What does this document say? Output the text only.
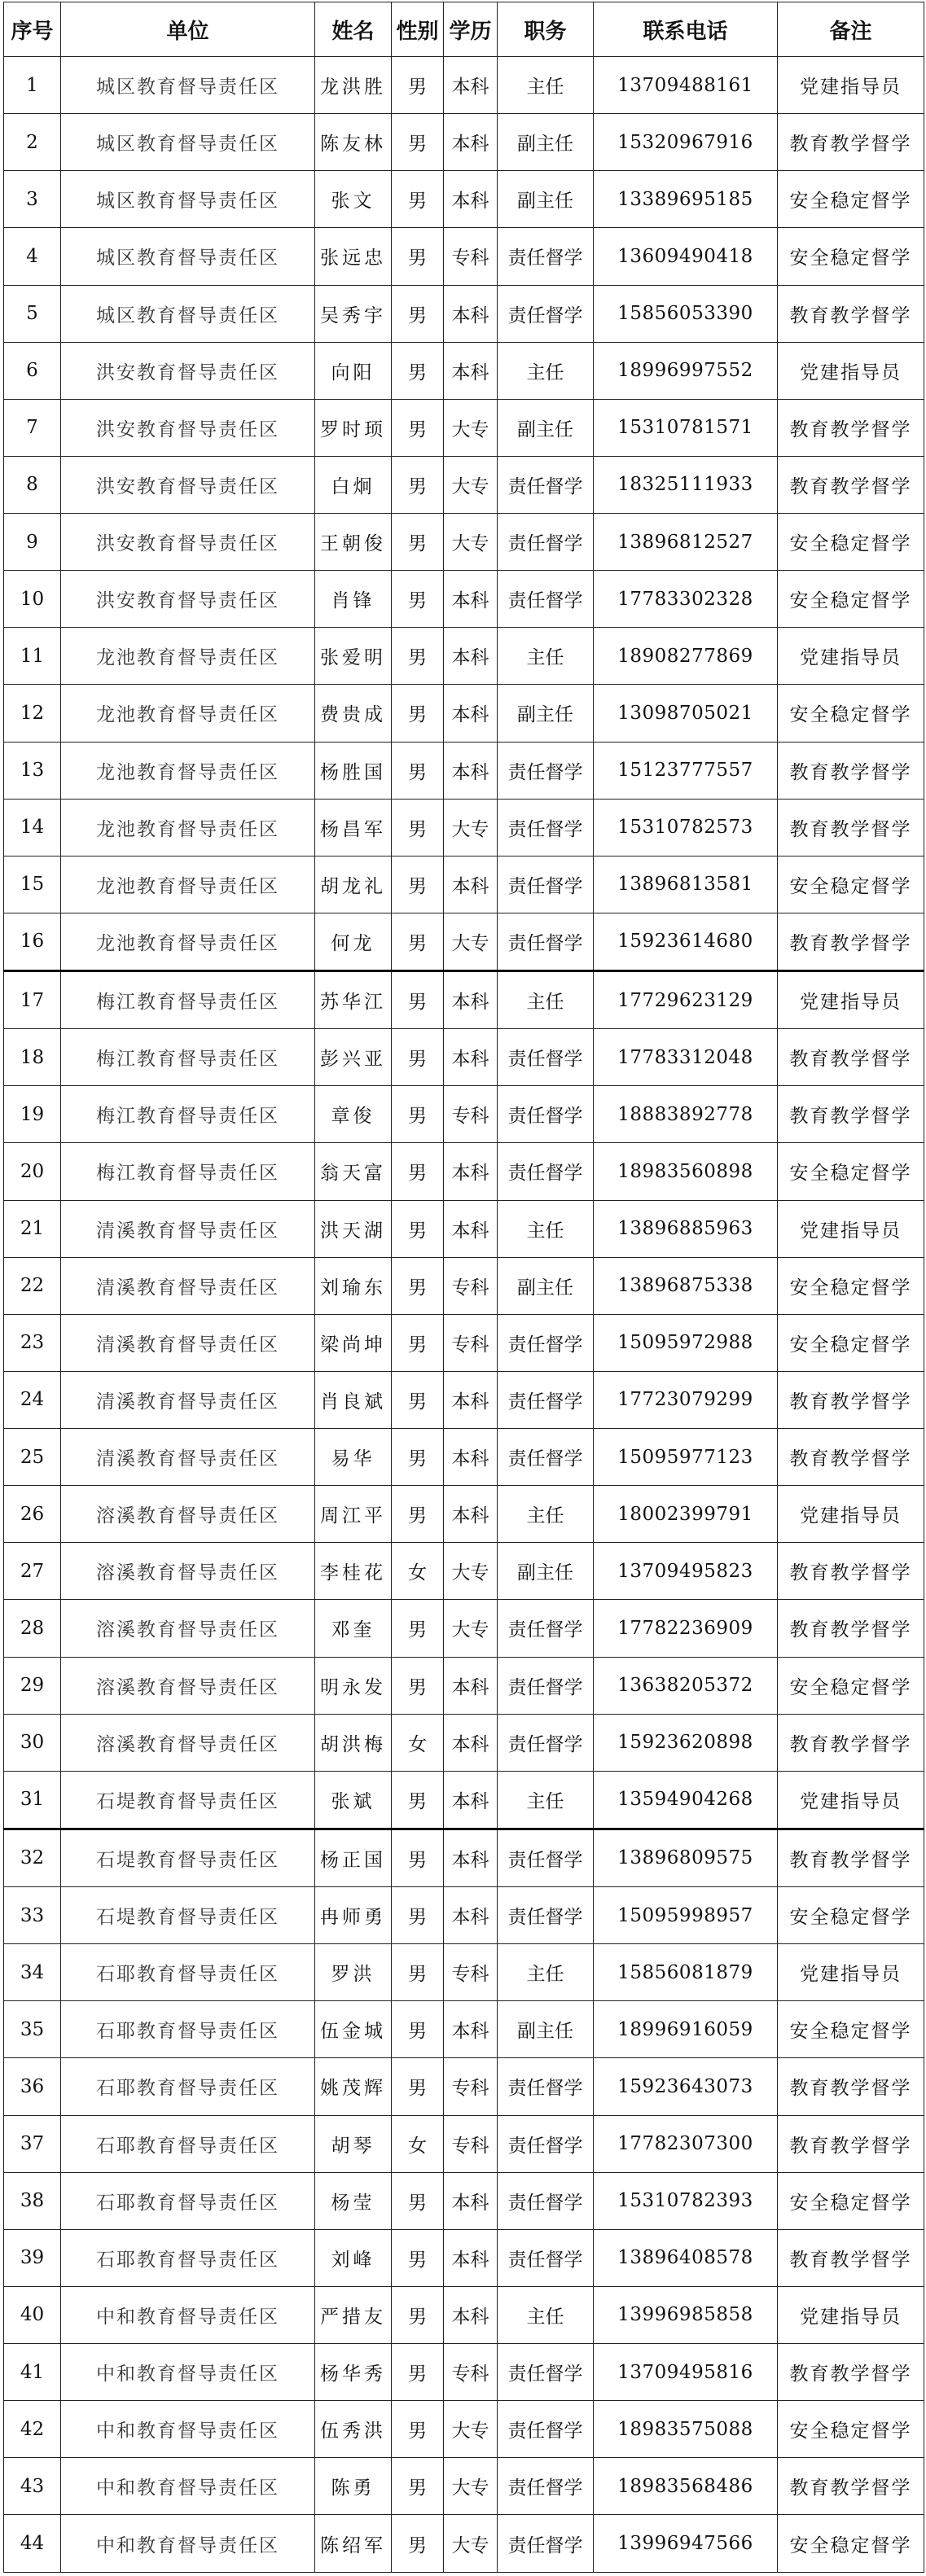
序号	单位	姓名	性别	学历	职务	联系电话	备注
1	城区教育督导责任区	龙洪胜	男	本科	主任	13709488161	党建指导员
2	城区教育督导责任区	陈友林	男	本科	副主任	15320967916	教育教学督学
3	城区教育督导责任区	张文	男	本科	副主任	13389695185	安全稳定督学
4	城区教育督导责任区	张远忠	男	专科	责任督学	13609490418	安全稳定督学
5	城区教育督导责任区	吴秀宇	男	本科	责任督学	15856053390	教育教学督学
6	洪安教育督导责任区	向阳	男	本科	主任	18996997552	党建指导员
7	洪安教育督导责任区	罗时顼	男	大专	副主任	15310781571	教育教学督学
8	洪安教育督导责任区	白炯	男	大专	责任督学	18325111933	教育教学督学
9	洪安教育督导责任区	王朝俊	男	大专	责任督学	13896812527	安全稳定督学
10	洪安教育督导责任区	肖锋	男	本科	责任督学	17783302328	安全稳定督学
11	龙池教育督导责任区	张爱明	男	本科	主任	18908277869	党建指导员
12	龙池教育督导责任区	费贵成	男	本科	副主任	13098705021	安全稳定督学
13	龙池教育督导责任区	杨胜国	男	本科	责任督学	15123777557	教育教学督学
14	龙池教育督导责任区	杨昌军	男	大专	责任督学	15310782573	教育教学督学
15	龙池教育督导责任区	胡龙礼	男	本科	责任督学	13896813581	安全稳定督学
16	龙池教育督导责任区	何龙	男	大专	责任督学	15923614680	教育教学督学
17	梅江教育督导责任区	苏华江	男	本科	主任	17729623129	党建指导员
18	梅江教育督导责任区	彭兴亚	男	本科	责任督学	17783312048	教育教学督学
19	梅江教育督导责任区	章俊	男	专科	责任督学	18883892778	教育教学督学
20	梅江教育督导责任区	翁天富	男	本科	责任督学	18983560898	安全稳定督学
21	清溪教育督导责任区	洪天湖	男	本科	主任	13896885963	党建指导员
22	清溪教育督导责任区	刘瑜东	男	专科	副主任	13896875338	安全稳定督学
23	清溪教育督导责任区	梁尚坤	男	专科	责任督学	15095972988	安全稳定督学
24	清溪教育督导责任区	肖良斌	男	本科	责任督学	17723079299	教育教学督学
25	清溪教育督导责任区	易华	男	本科	责任督学	15095977123	教育教学督学
26	溶溪教育督导责任区	周江平	男	本科	主任	18002399791	党建指导员
27	溶溪教育督导责任区	李桂花	女	大专	副主任	13709495823	教育教学督学
28	溶溪教育督导责任区	邓奎	男	大专	责任督学	17782236909	教育教学督学
29	溶溪教育督导责任区	明永发	男	本科	责任督学	13638205372	安全稳定督学
30	溶溪教育督导责任区	胡洪梅	女	本科	责任督学	15923620898	教育教学督学
31	石堤教育督导责任区	张斌	男	本科	主任	13594904268	党建指导员
32	石堤教育督导责任区	杨正国	男	本科	责任督学	13896809575	教育教学督学
33	石堤教育督导责任区	冉师勇	男	本科	责任督学	15095998957	安全稳定督学
34	石耶教育督导责任区	罗洪	男	专科	主任	15856081879	党建指导员
35	石耶教育督导责任区	伍金城	男	本科	副主任	18996916059	安全稳定督学
36	石耶教育督导责任区	姚茂辉	男	专科	责任督学	15923643073	教育教学督学
37	石耶教育督导责任区	胡琴	女	专科	责任督学	17782307300	教育教学督学
38	石耶教育督导责任区	杨莹	男	本科	责任督学	15310782393	安全稳定督学
39	石耶教育督导责任区	刘峰	男	本科	责任督学	13896408578	教育教学督学
40	中和教育督导责任区	严措友	男	本科	主任	13996985858	党建指导员
41	中和教育督导责任区	杨华秀	男	专科	责任督学	13709495816	教育教学督学
42	中和教育督导责任区	伍秀洪	男	大专	责任督学	18983575088	安全稳定督学
43	中和教育督导责任区	陈勇	男	大专	责任督学	18983568486	教育教学督学
44	中和教育督导责任区	陈绍军	男	大专	责任督学	13996947566	安全稳定督学
